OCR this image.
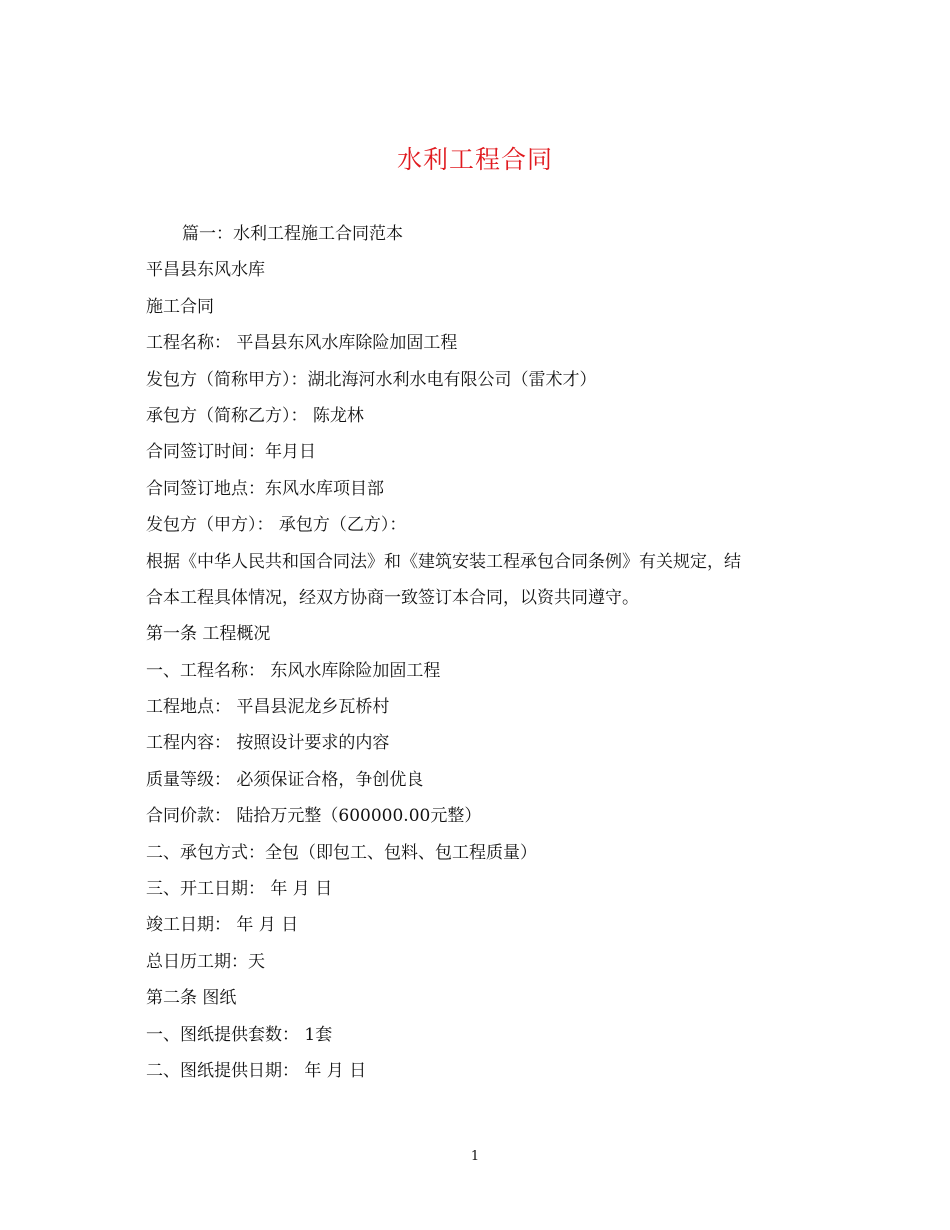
水利工程合同
篇一：水利工程施工合同范本
平昌县东风水库
施工合同
工程名称： 平昌县东风水库除险加固工程
发包方（简称甲方）：湖北海河水利水电有限公司（雷术才）
承包方（简称乙方）： 陈龙林
合同签订时间：年月日
合同签订地点：东风水库项目部
发包方（甲方）： 承包方（乙方）：
根据《中华人民共和国合同法》和《建筑安装工程承包合同条例》有关规定，结
合本工程具体情况，经双方协商一致签订本合同，以资共同遵守。
第一条 工程概况
一、工程名称： 东风水库除险加固工程
工程地点： 平昌县泥龙乡瓦桥村
工程内容： 按照设计要求的内容
质量等级： 必须保证合格，争创优良
合同价款： 陆拾万元整（600000.00元整）
二、承包方式：全包（即包工、包料、包工程质量）
三、开工日期： 年 月 日
竣工日期： 年 月 日
总日历工期：天
第二条 图纸
一、图纸提供套数： 1套
二、图纸提供日期： 年 月 日
1
